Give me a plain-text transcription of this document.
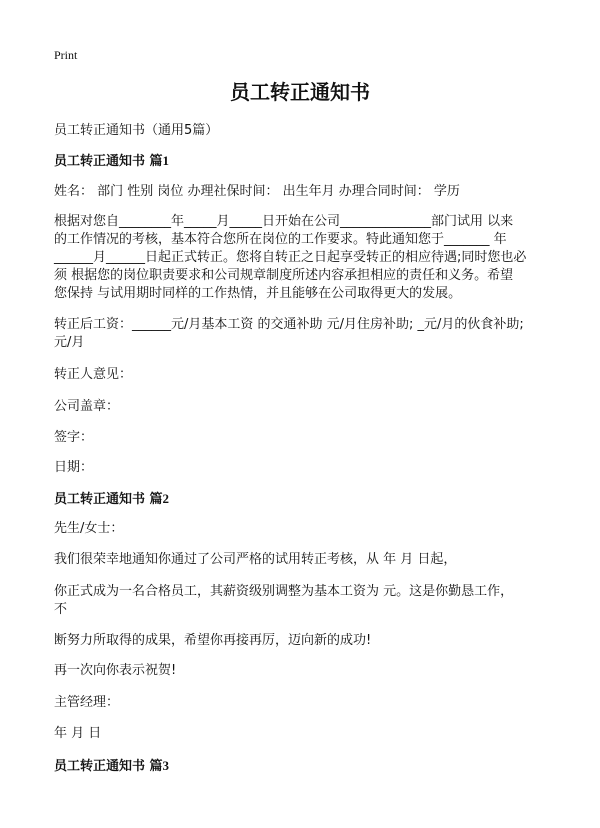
Print
员工转正通知书
员工转正通知书（通用5篇）
员工转正通知书 篇1
姓名： 部门 性别 岗位 办理社保时间： 出生年月 办理合同时间： 学历
根据对您自________年_____月_____日开始在公司______________部门试用 以来
的工作情况的考核，基本符合您所在岗位的工作要求。特此通知您于_______ 年
______月______日起正式转正。您将自转正之日起享受转正的相应待遇;同时您也必
须 根据您的岗位职责要求和公司规章制度所述内容承担相应的责任和义务。希望
您保持 与试用期时同样的工作热情，并且能够在公司取得更大的发展。
转正后工资：______元/月基本工资 的交通补助 元/月住房补助; _元/月的伙食补助;
元/月
转正人意见：
公司盖章：
签字：
日期：
员工转正通知书 篇2
先生/女士：
我们很荣幸地通知你通过了公司严格的试用转正考核，从 年 月 日起，
你正式成为一名合格员工，其薪资级别调整为基本工资为 元。这是你勤恳工作，
不
断努力所取得的成果，希望你再接再厉，迈向新的成功!
再一次向你表示祝贺!
主管经理：
年 月 日
员工转正通知书 篇3
